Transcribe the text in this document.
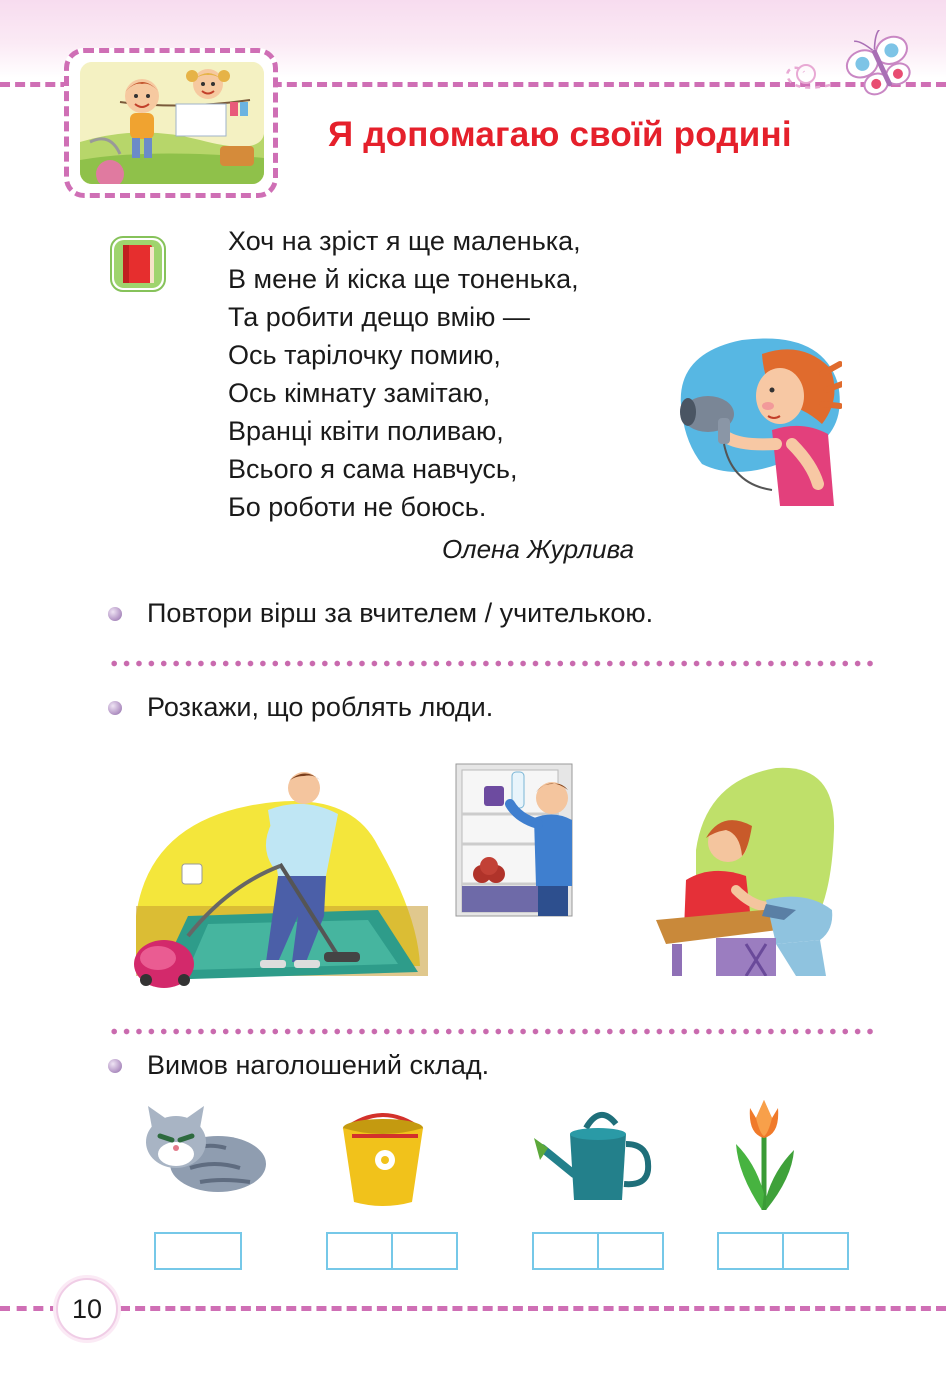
Я допомагаю своїй родині
Хоч на зріст я ще маленька,
В мене й кіска ще тоненька,
Та робити дещо вмію —
Ось тарілочку помию,
Ось кімнату замітаю,
Вранці квіти поливаю,
Всього я сама навчусь,
Бо роботи не боюсь.
Олена Журлива
Повтори вірш за вчителем / учителькою.
Розкажи, що роблять люди.
Вимов наголошений склад.
10
